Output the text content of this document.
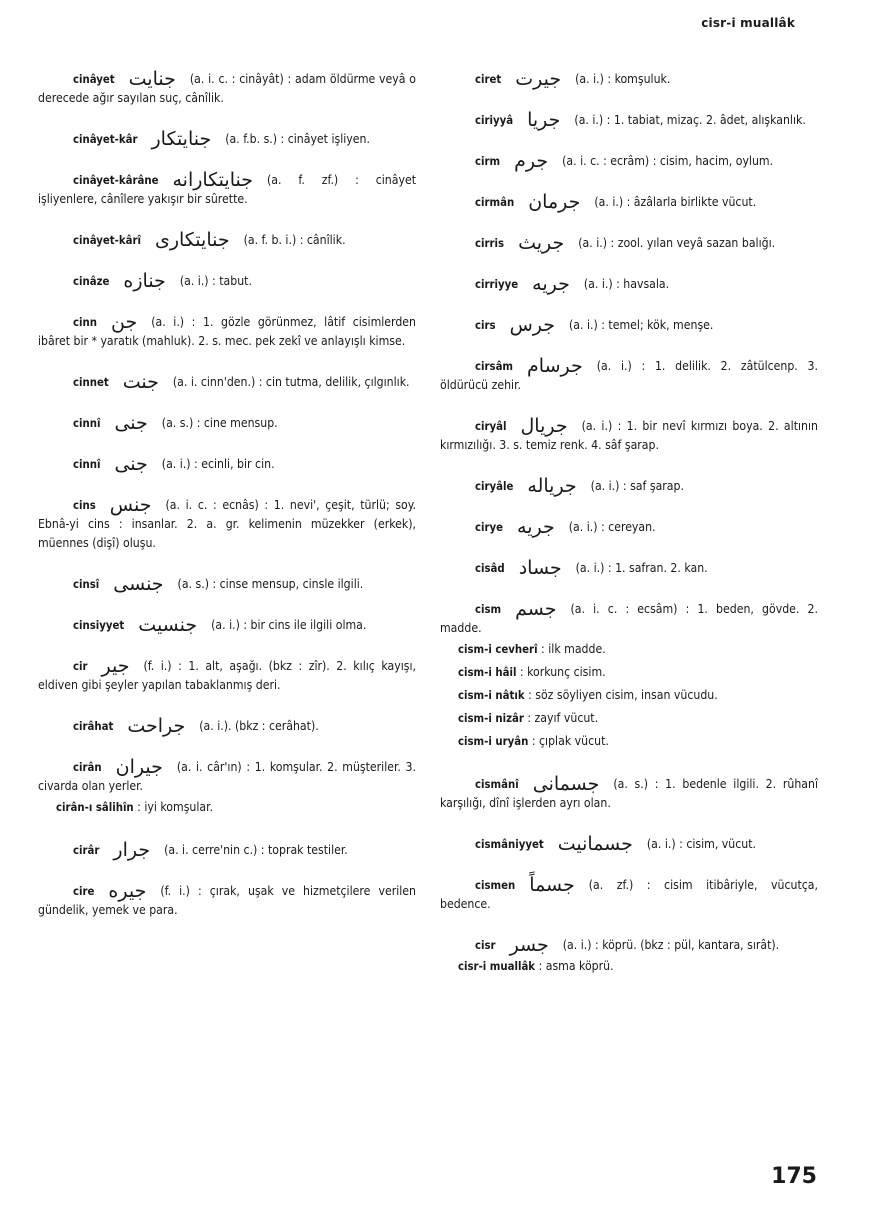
cisr-i muallâk
cinâyet جنايت (a. i. c. : cinâyât) : adam öldürme veyâ o derecede ağır sayılan suç, cânîlik.
cinâyet-kâr جنايتكار (a. f.b. s.) : cinâyet işliyen.
cinâyet-kârâne جنايتكارانه (a. f. zf.) : cinâyet işliyenlere, cânîlere yakışır bir sûrette.
cinâyet-kârî جنايتكارى (a. f. b. i.) : cânîlik.
cinâze جنازه (a. i.) : tabut.
cinn جن (a. i.) : 1. gözle görünmez, lâtif cisimlerden ibâret bir * yaratık (mahluk). 2. s. mec. pek zekî ve anlayışlı kimse.
cinnet جنت (a. i. cinn'den.) : cin tutma, delilik, çılgınlık.
cinnî جنى (a. s.) : cine mensup.
cinnî جنى (a. i.) : ecinli, bir cin.
cins جنس (a. i. c. : ecnâs) : 1. nevi', çeşit, türlü; soy. Ebnâ-yi cins : insanlar. 2. a. gr. kelimenin müzekker (erkek), müennes (dişî) oluşu.
cinsî جنسى (a. s.) : cinse mensup, cinsle ilgili.
cinsiyyet جنسيت (a. i.) : bir cins ile ilgili olma.
cir جير (f. i.) : 1. alt, aşağı. (bkz : zîr). 2. kılıç kayışı, eldiven gibi şeyler yapılan tabaklanmış deri.
cirâhat جراحت (a. i.). (bkz : cerâhat).
cirân جيران (a. i. câr'ın) : 1. komşular. 2. müşteriler. 3. civarda olan yerler.
cirân-ı sâlihîn : iyi komşular.
cirâr جرار (a. i. cerre'nin c.) : toprak testiler.
cire جيره (f. i.) : çırak, uşak ve hizmetçilere verilen gündelik, yemek ve para.
ciret جيرت (a. i.) : komşuluk.
ciriyyâ جريا (a. i.) : 1. tabiat, mizaç. 2. âdet, alışkanlık.
cirm جرم (a. i. c. : ecrâm) : cisim, hacim, oylum.
cirmân جرمان (a. i.) : âzâlarla birlikte vücut.
cirris جريث (a. i.) : zool. yılan veyâ sazan balığı.
cirriyye جريه (a. i.) : havsala.
cirs جرس (a. i.) : temel; kök, menşe.
cirsâm جرسام (a. i.) : 1. delilik. 2. zâtülcenp. 3. öldürücü zehir.
ciryâl جريال (a. i.) : 1. bir nevî kırmızı boya. 2. altının kırmızılığı. 3. s. temiz renk. 4. sâf şarap.
ciryâle جرياله (a. i.) : saf şarap.
cirye جريه (a. i.) : cereyan.
cisâd جساد (a. i.) : 1. safran. 2. kan.
cism جسم (a. i. c. : ecsâm) : 1. beden, gövde. 2. madde.
cism-i cevherî : ilk madde.
cism-i hâil : korkunç cisim.
cism-i nâtık : söz söyliyen cisim, insan vücudu.
cism-i nizâr : zayıf vücut.
cism-i uryân : çıplak vücut.
cismânî جسمانى (a. s.) : 1. bedenle ilgili. 2. rûhanî karşılığı, dînî işlerden ayrı olan.
cismâniyyet جسمانيت (a. i.) : cisim, vücut.
cismen جسماً (a. zf.) : cisim itibâriyle, vücutça, bedence.
cisr جسر (a. i.) : köprü. (bkz : pül, kantara, sırât).
cisr-i muallâk : asma köprü.
175
